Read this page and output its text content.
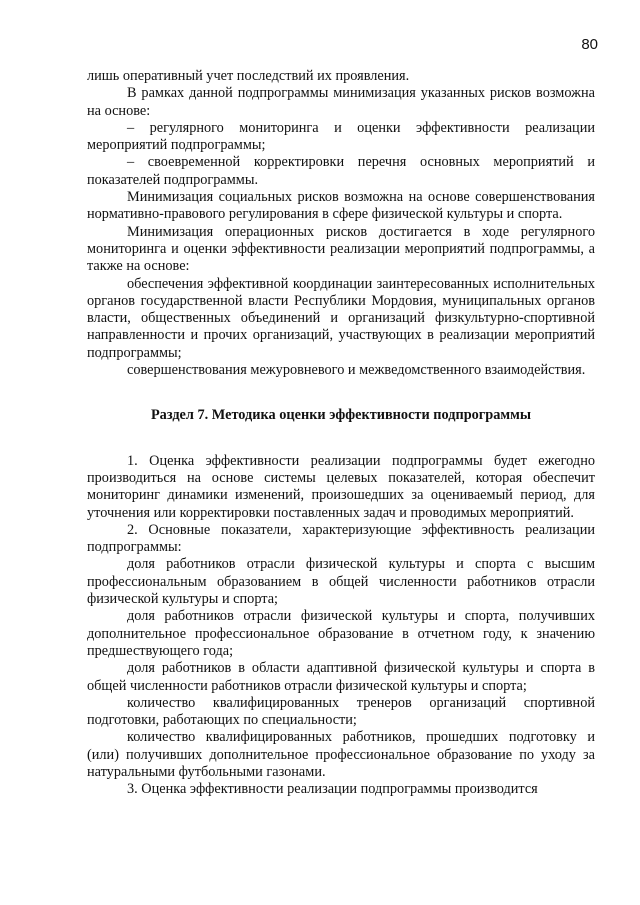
80

лишь оперативный учет последствий их проявления.

В рамках данной подпрограммы минимизация указанных рисков возможна на основе:

– регулярного мониторинга и оценки эффективности реализации мероприятий подпрограммы;

– своевременной корректировки перечня основных мероприятий и показателей подпрограммы.

Минимизация социальных рисков возможна на основе совершенствования нормативно-правового регулирования в сфере физической культуры и спорта.

Минимизация операционных рисков достигается в ходе регулярного мониторинга и оценки эффективности реализации мероприятий подпрограммы, а также на основе:

обеспечения эффективной координации заинтересованных исполнительных органов государственной власти Республики Мордовия, муниципальных органов власти, общественных объединений и организаций физкультурно-спортивной направленности и прочих организаций, участвующих в реализации мероприятий подпрограммы;

совершенствования межуровневого и межведомственного взаимодействия.

Раздел 7. Методика оценки эффективности подпрограммы

1. Оценка эффективности реализации подпрограммы будет ежегодно производиться на основе системы целевых показателей, которая обеспечит мониторинг динамики изменений, произошедших за оцениваемый период, для уточнения или корректировки поставленных задач и проводимых мероприятий.

2. Основные показатели, характеризующие эффективность реализации подпрограммы:

доля работников отрасли физической культуры и спорта с высшим профессиональным образованием в общей численности работников отрасли физической культуры и спорта;

доля работников отрасли физической культуры и спорта, получивших дополнительное профессиональное образование в отчетном году, к значению предшествующего года;

доля работников в области адаптивной физической культуры и спорта в общей численности работников отрасли физической культуры и спорта;

количество квалифицированных тренеров организаций спортивной подготовки, работающих по специальности;

количество квалифицированных работников, прошедших подготовку и (или) получивших дополнительное профессиональное образование по уходу за натуральными футбольными газонами.

3. Оценка эффективности реализации подпрограммы производится
